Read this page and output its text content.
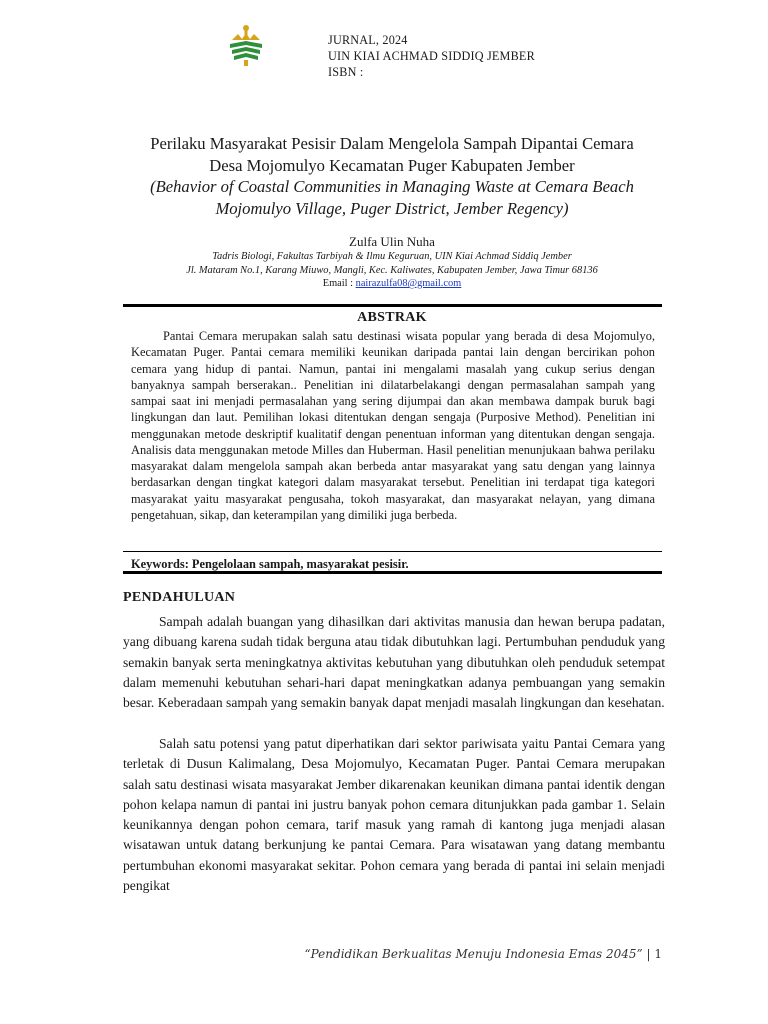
JURNAL, 2024
UIN KIAI ACHMAD SIDDIQ JEMBER
ISBN :
Perilaku Masyarakat Pesisir Dalam Mengelola Sampah Dipantai Cemara
Desa Mojomulyo Kecamatan Puger Kabupaten Jember
(Behavior of Coastal Communities in Managing Waste at Cemara Beach
Mojomulyo Village, Puger District, Jember Regency)
Zulfa Ulin Nuha
Tadris Biologi, Fakultas Tarbiyah & Ilmu Keguruan, UIN Kiai Achmad Siddiq Jember
Jl. Mataram No.1, Karang Miuwo, Mangli, Kec. Kaliwates, Kabupaten Jember, Jawa Timur 68136
Email : nairazulfa08@gmail.com
ABSTRAK

Pantai Cemara merupakan salah satu destinasi wisata popular yang berada di desa Mojomulyo, Kecamatan Puger. Pantai cemara memiliki keunikan daripada pantai lain dengan bercirikan pohon cemara yang hidup di pantai. Namun, pantai ini mengalami masalah yang cukup serius dengan banyaknya sampah berserakan.. Penelitian ini dilatarbelakangi dengan permasalahan sampah yang sampai saat ini menjadi permasalahan yang sering dijumpai dan akan membawa dampak buruk bagi lingkungan dan laut. Pemilihan lokasi ditentukan dengan sengaja (Purposive Method). Penelitian ini menggunakan metode deskriptif kualitatif dengan penentuan informan yang ditentukan dengan sengaja. Analisis data menggunakan metode Milles dan Huberman. Hasil penelitian menunjukaan bahwa perilaku masyarakat dalam mengelola sampah akan berbeda antar masyarakat yang satu dengan yang lainnya berdasarkan dengan tingkat kategori dalam masyarakat tersebut. Penelitian ini terdapat tiga kategori masyarakat yaitu masyarakat pengusaha, tokoh masyarakat, dan masyarakat nelayan, yang dimana pengetahuan, sikap, dan keterampilan yang dimiliki juga berbeda.

Keywords: Pengelolaan sampah, masyarakat pesisir.
PENDAHULUAN

Sampah adalah buangan yang dihasilkan dari aktivitas manusia dan hewan berupa padatan, yang dibuang karena sudah tidak berguna atau tidak dibutuhkan lagi. Pertumbuhan penduduk yang semakin banyak serta meningkatnya aktivitas kebutuhan yang dibutuhkan oleh penduduk setempat dalam memenuhi kebutuhan sehari-hari dapat meningkatkan adanya pembuangan yang semakin besar. Keberadaan sampah yang semakin banyak dapat menjadi masalah lingkungan dan kesehatan.

Salah satu potensi yang patut diperhatikan dari sektor pariwisata yaitu Pantai Cemara yang terletak di Dusun Kalimalang, Desa Mojomulyo, Kecamatan Puger. Pantai Cemara merupakan salah satu destinasi wisata masyarakat Jember dikarenakan keunikan dimana pantai identik dengan pohon kelapa namun di pantai ini justru banyak pohon cemara ditunjukkan pada gambar 1. Selain keunikannya dengan pohon cemara, tarif masuk yang ramah di kantong juga menjadi alasan wisatawan untuk datang berkunjung ke pantai Cemara. Para wisatawan yang datang membantu pertumbuhan ekonomi masyarakat sekitar. Pohon cemara yang berada di pantai ini selain menjadi pengikat

“Pendidikan Berkualitas Menuju Indonesia Emas 2045” | 1
